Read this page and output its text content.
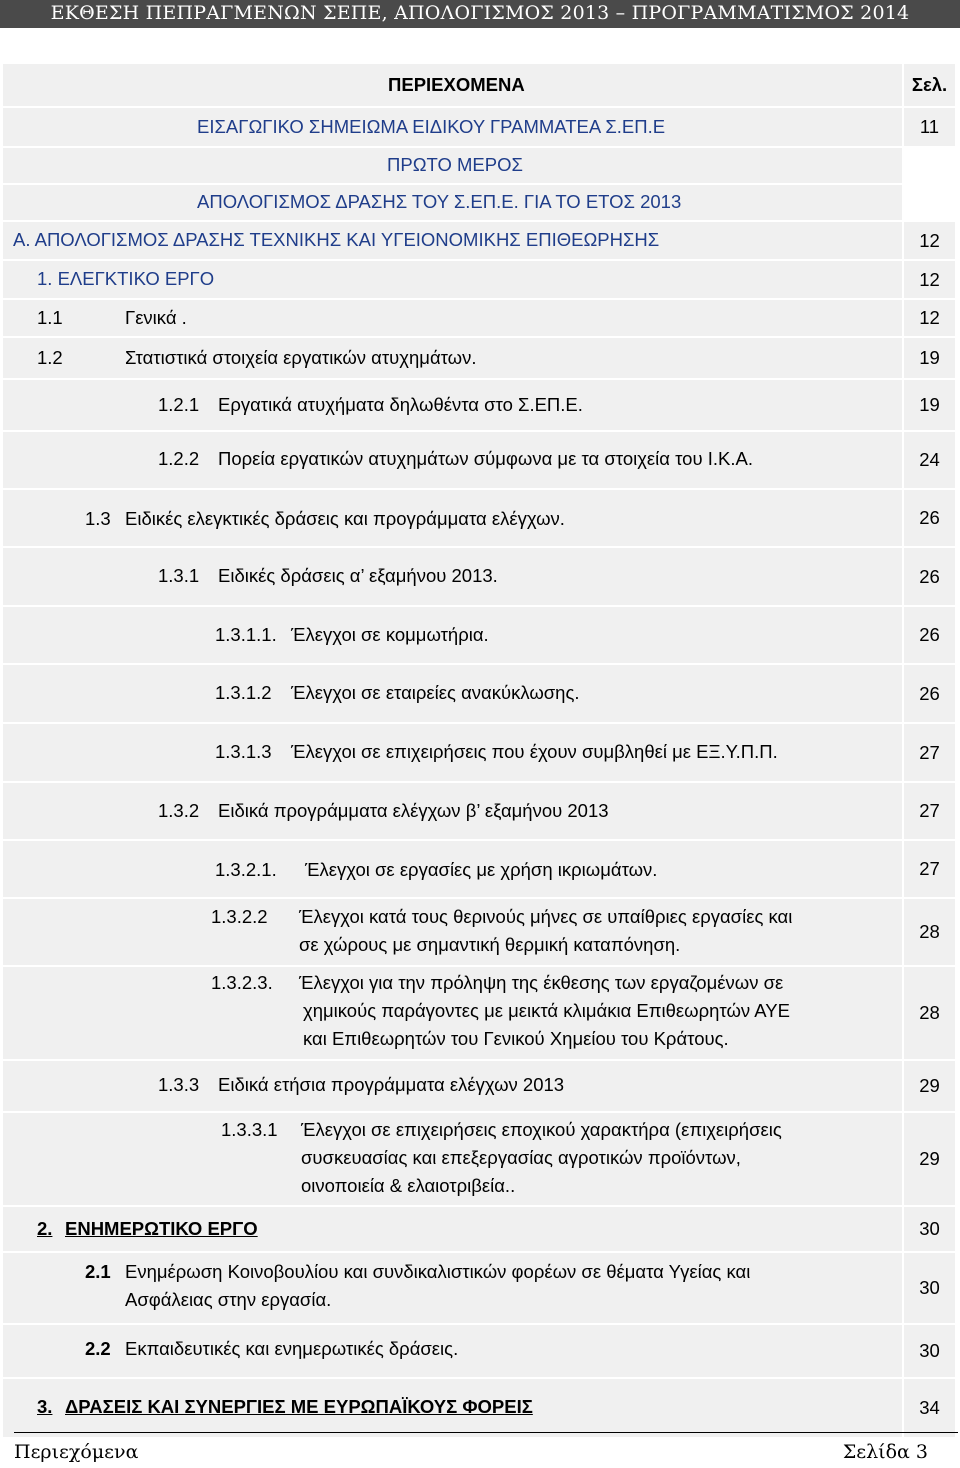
ΕΚΘΕΣΗ ΠΕΠΡΑΓΜΕΝΩΝ ΣΕΠΕ, ΑΠΟΛΟΓΙΣΜΟΣ 2013 – ΠΡΟΓΡΑΜΜΑΤΙΣΜΟΣ 2014
ΠΕΡΙΕΧΟΜΕΝΑ	Σελ.
ΕΙΣΑΓΩΓΙΚΟ ΣΗΜΕΙΩΜΑ ΕΙΔΙΚΟΥ ΓΡΑΜΜΑΤΕΑ Σ.ΕΠ.Ε	11
ΠΡΩΤΟ ΜΕΡΟΣ
ΑΠΟΛΟΓΙΣΜΟΣ ΔΡΑΣΗΣ ΤΟΥ Σ.ΕΠ.Ε. ΓΙΑ ΤΟ ΕΤΟΣ 2013
Α. ΑΠΟΛΟΓΙΣΜΟΣ ΔΡΑΣΗΣ ΤΕΧΝΙΚΗΣ ΚΑΙ ΥΓΕΙΟΝΟΜΙΚΗΣ ΕΠΙΘΕΩΡΗΣΗΣ	12
1. ΕΛΕΓΚΤΙΚΟ ΕΡΓΟ	12
1.1	Γενικά .	12
1.2	Στατιστικά στοιχεία εργατικών ατυχημάτων.	19
1.2.1 Εργατικά ατυχήματα δηλωθέντα στο Σ.ΕΠ.Ε.	19
1.2.2 Πορεία εργατικών ατυχημάτων σύμφωνα με τα στοιχεία του Ι.Κ.Α.	24
1.3 Ειδικές ελεγκτικές δράσεις και προγράμματα ελέγχων.	26
1.3.1 Ειδικές δράσεις α’ εξαμήνου 2013.	26
1.3.1.1. Έλεγχοι σε κομμωτήρια.	26
1.3.1.2 Έλεγχοι σε εταιρείες ανακύκλωσης.	26
1.3.1.3 Έλεγχοι σε επιχειρήσεις που έχουν συμβληθεί με ΕΞ.Υ.Π.Π.	27
1.3.2 Ειδικά προγράμματα ελέγχων β’ εξαμήνου 2013	27
1.3.2.1. Έλεγχοι σε εργασίες με χρήση ικριωμάτων.	27
1.3.2.2 Έλεγχοι κατά τους θερινούς μήνες σε υπαίθριες εργασίες και
σε χώρους με σημαντική θερμική καταπόνηση.
28
1.3.2.3. Έλεγχοι για την πρόληψη της έκθεσης των εργαζομένων σε
χημικούς παράγοντες με μεικτά κλιμάκια Επιθεωρητών ΑΥΕ
και Επιθεωρητών του Γενικού Χημείου του Κράτους.
28
1.3.3 Ειδικά ετήσια προγράμματα ελέγχων 2013	29
1.3.3.1 Έλεγχοι σε επιχειρήσεις εποχικού χαρακτήρα (επιχειρήσεις
συσκευασίας και επεξεργασίας αγροτικών προϊόντων,
οινοποιεία & ελαιοτριβεία..
29
2. ΕΝΗΜΕΡΩΤΙΚΟ ΕΡΓΟ	30
2.1 Ενημέρωση Κοινοβουλίου και συνδικαλιστικών φορέων σε θέματα Υγείας και
Ασφάλειας στην εργασία.
30
2.2 Εκπαιδευτικές και ενημερωτικές δράσεις.	30
3. ΔΡΑΣΕΙΣ ΚΑΙ ΣΥΝΕΡΓΙΕΣ ΜΕ ΕΥΡΩΠΑΪΚΟΥΣ ΦΟΡΕΙΣ	34
Περιεχόμενα	Σελίδα 3
